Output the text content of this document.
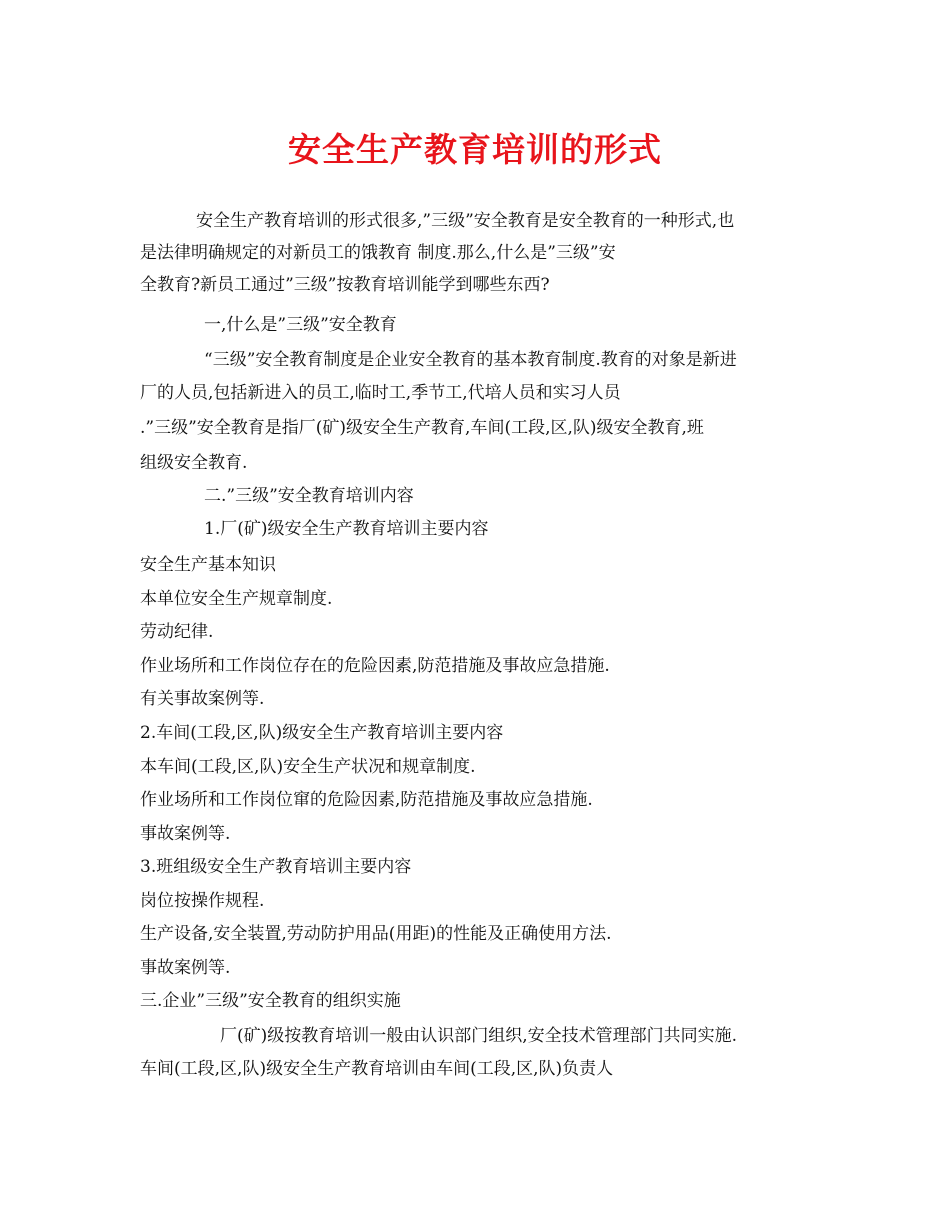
安全生产教育培训的形式
安全生产教育培训的形式很多,”三级”安全教育是安全教育的一种形式,也
是法律明确规定的对新员工的饿教育 制度.那么,什么是”三级”安
全教育?新员工通过”三级”按教育培训能学到哪些东西?
一,什么是”三级”安全教育
“三级”安全教育制度是企业安全教育的基本教育制度.教育的对象是新进
厂的人员,包括新进入的员工,临时工,季节工,代培人员和实习人员
.”三级”安全教育是指厂(矿)级安全生产教育,车间(工段,区,队)级安全教育,班
组级安全教育.
二.”三级”安全教育培训内容
1.厂(矿)级安全生产教育培训主要内容
安全生产基本知识
本单位安全生产规章制度.
劳动纪律.
作业场所和工作岗位存在的危险因素,防范措施及事故应急措施.
有关事故案例等.
2.车间(工段,区,队)级安全生产教育培训主要内容
本车间(工段,区,队)安全生产状况和规章制度.
作业场所和工作岗位窜的危险因素,防范措施及事故应急措施.
事故案例等.
3.班组级安全生产教育培训主要内容
岗位按操作规程.
生产设备,安全装置,劳动防护用品(用距)的性能及正确使用方法.
事故案例等.
三.企业”三级”安全教育的组织实施
厂(矿)级按教育培训一般由认识部门组织,安全技术管理部门共同实施.
车间(工段,区,队)级安全生产教育培训由车间(工段,区,队)负责人
